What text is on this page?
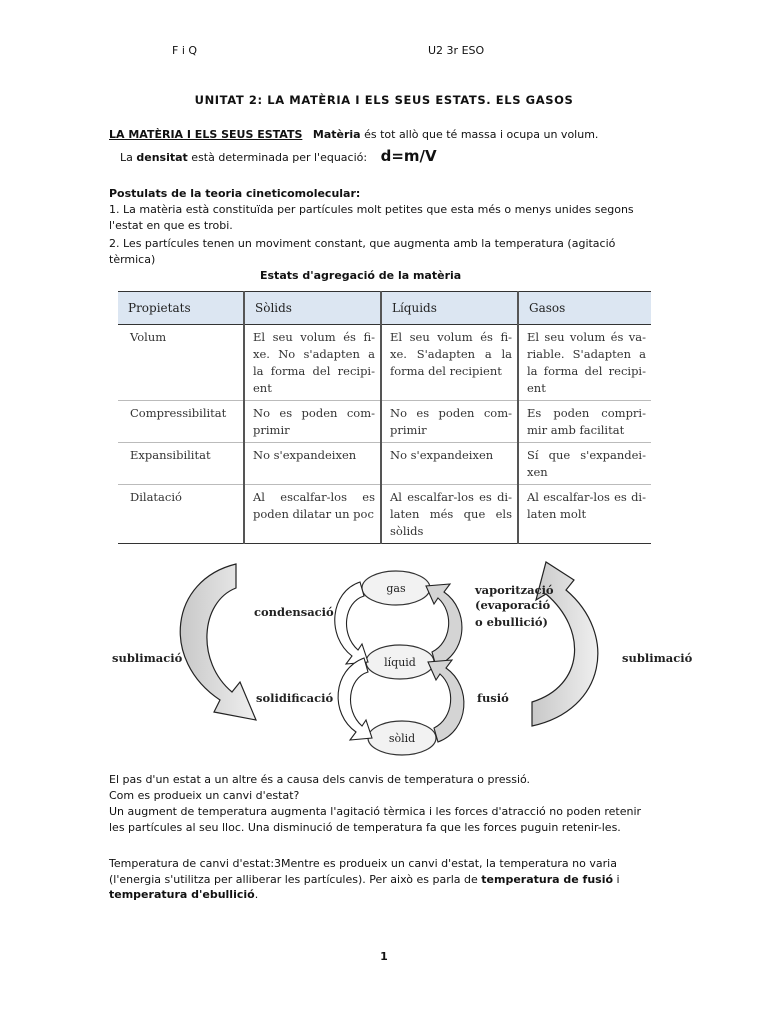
F i Q	U2 3r ESO
UNITAT 2: LA MATÈRIA I ELS SEUS ESTATS. ELS GASOS
LA MATÈRIA I ELS SEUS ESTATS Matèria és tot allò que té massa i ocupa un volum.
La densitat està determinada per l'equació: d=m/V
Postulats de la teoria cineticomolecular:
1. La matèria està constituïda per partícules molt petites que esta més o menys unides segons l'estat en que es trobi.
2. Les partícules tenen un moviment constant, que augmenta amb la temperatura (agitació tèrmica)
Estats d'agregació de la matèria
Propietats	Sòlids	Líquids	Gasos
Volum	El seu volum és fi- xe. No s'adapten a la forma del recipi- ent	El seu volum és fi- xe. S'adapten a la forma del recipient	El seu volum és va- riable. S'adapten a la forma del recipi- ent
Compressibilitat	No es poden com- primir	No es poden com- primir	Es poden compri- mir amb facilitat
Expansibilitat	No s'expandeixen	No s'expandeixen	Sí que s'expandei- xen
Dilatació	Al escalfar-los es poden dilatar un poc	Al escalfar-los es di- laten més que els sòlids	Al escalfar-los es di- laten molt
gas
líquid
sòlid
condensació
vaporització
(evaporació
o ebullició)
solidificació	fusió
sublimació	sublimació
El pas d'un estat a un altre és a causa dels canvis de temperatura o pressió.
Com es produeix un canvi d'estat?
Un augment de temperatura augmenta l'agitació tèrmica i les forces d'atracció no poden retenir les partícules al seu lloc. Una disminució de temperatura fa que les forces puguin retenir-les.
Temperatura de canvi d'estat:3Mentre es produeix un canvi d'estat, la temperatura no varia (l'energia s'utilitza per alliberar les partícules). Per això es parla de temperatura de fusió i temperatura d'ebullició.
1
